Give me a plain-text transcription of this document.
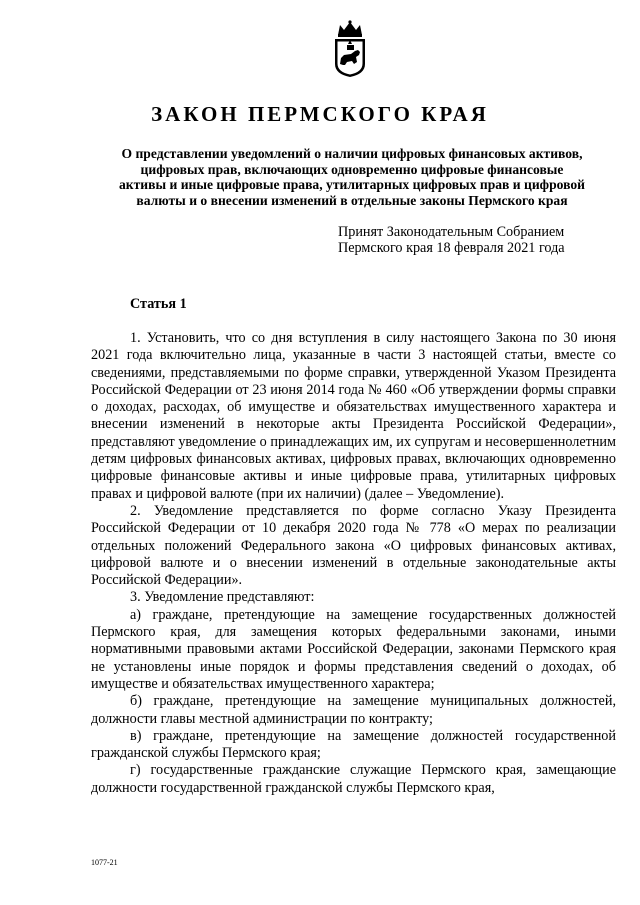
ЗАКОН ПЕРМСКОГО КРАЯ
О представлении уведомлений о наличии цифровых финансовых активов,
цифровых прав, включающих одновременно цифровые финансовые
активы и иные цифровые права, утилитарных цифровых прав и цифровой
валюты и о внесении изменений в отдельные законы Пермского края
Принят Законодательным Собранием
Пермского края 18 февраля 2021 года
Статья 1

1. Установить, что со дня вступления в силу настоящего Закона по 30 июня 2021 года включительно лица, указанные в части 3 настоящей статьи, вместе со сведениями, представляемыми по форме справки, утвержденной Указом Президента Российской Федерации от 23 июня 2014 года № 460 «Об утверждении формы справки о доходах, расходах, об имуществе и обязательствах имущественного характера и внесении изменений в некоторые акты Президента Российской Федерации», представляют уведомление о принадлежащих им, их супругам и несовершеннолетним детям цифровых финансовых активах, цифровых правах, включающих одновременно цифровые финансовые активы и иные цифровые права, утилитарных цифровых правах и цифровой валюте (при их наличии) (далее – Уведомление).

2. Уведомление представляется по форме согласно Указу Президента Российской Федерации от 10 декабря 2020 года № 778 «О мерах по реализации отдельных положений Федерального закона «О цифровых финансовых активах, цифровой валюте и о внесении изменений в отдельные законодательные акты Российской Федерации».

3. Уведомление представляют:

а) граждане, претендующие на замещение государственных должностей Пермского края, для замещения которых федеральными законами, иными нормативными правовыми актами Российской Федерации, законами Пермского края не установлены иные порядок и формы представления сведений о доходах, об имуществе и обязательствах имущественного характера;

б) граждане, претендующие на замещение муниципальных должностей, должности главы местной администрации по контракту;

в) граждане, претендующие на замещение должностей государственной гражданской службы Пермского края;

г) государственные гражданские служащие Пермского края, замещающие должности государственной гражданской службы Пермского края,

1077-21
